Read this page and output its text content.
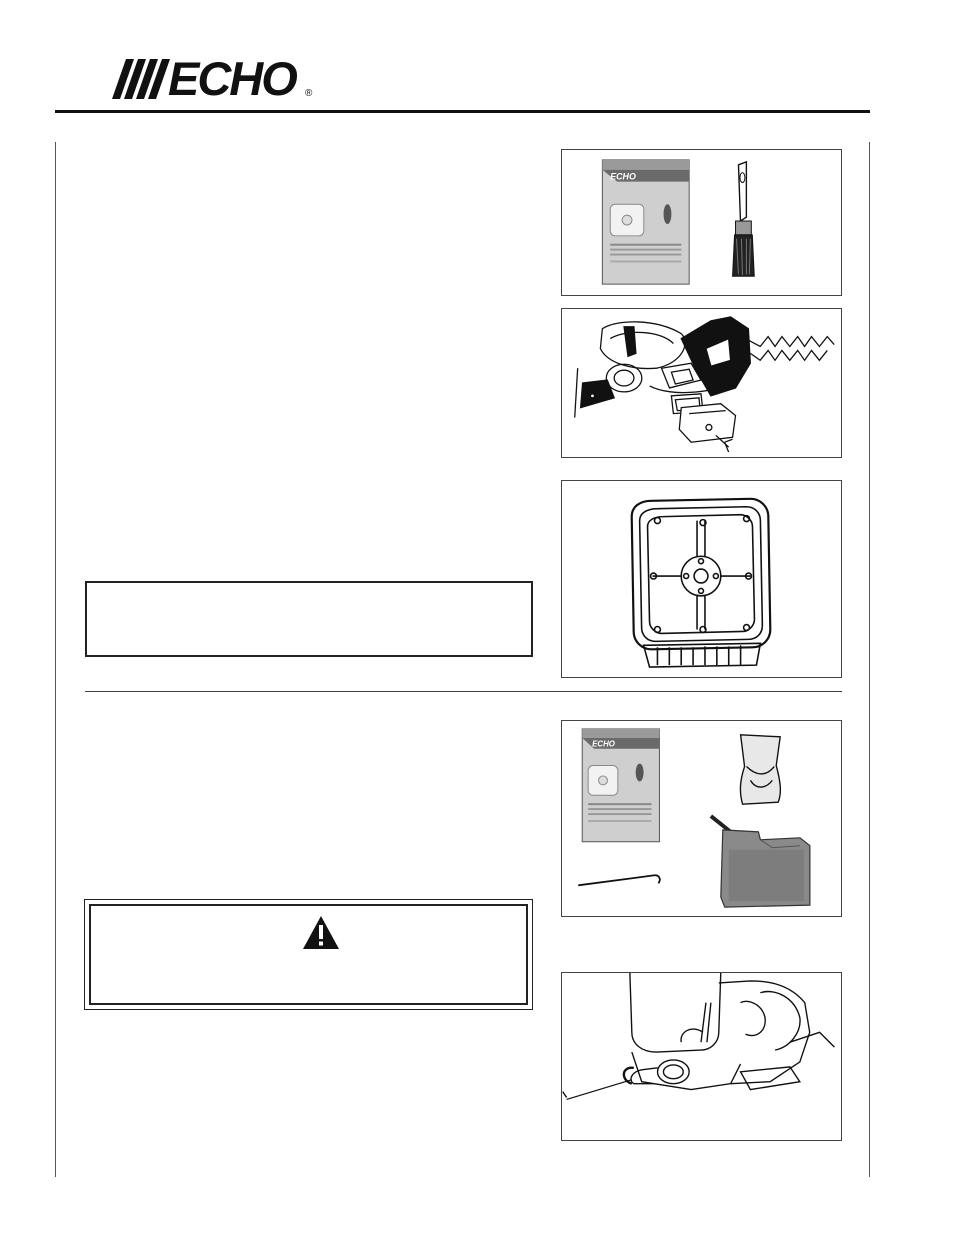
ECHO ®
ECHO
ECHO
